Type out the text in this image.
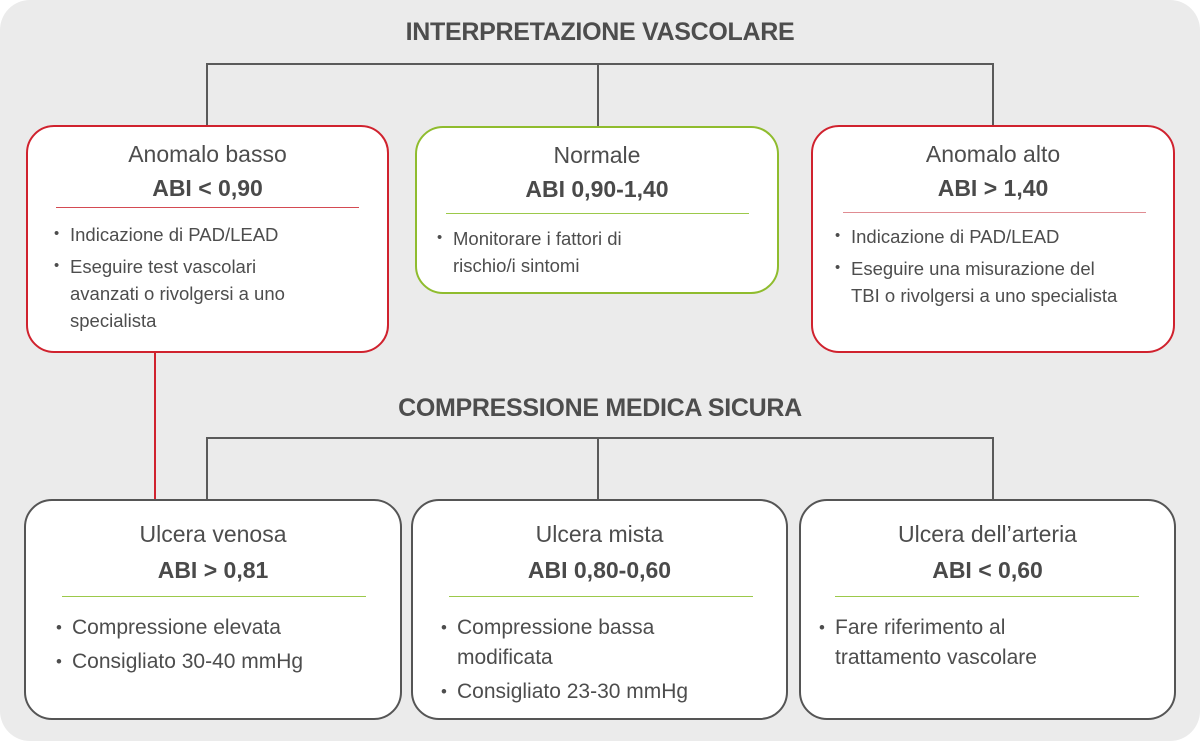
INTERPRETAZIONE VASCOLARE
Anomalo basso
ABI < 0,90
• Indicazione di PAD/LEAD
• Eseguire test vascolari avanzati o rivolgersi a uno specialista
Normale
ABI 0,90-1,40
• Monitorare i fattori di rischio/i sintomi
Anomalo alto
ABI > 1,40
• Indicazione di PAD/LEAD
• Eseguire una misurazione del TBI o rivolgersi a uno specialista
COMPRESSIONE MEDICA SICURA
Ulcera venosa
ABI > 0,81
• Compressione elevata
• Consigliato 30-40 mmHg
Ulcera mista
ABI 0,80-0,60
• Compressione bassa modificata
• Consigliato 23-30 mmHg
Ulcera dell’arteria
ABI < 0,60
• Fare riferimento al trattamento vascolare
